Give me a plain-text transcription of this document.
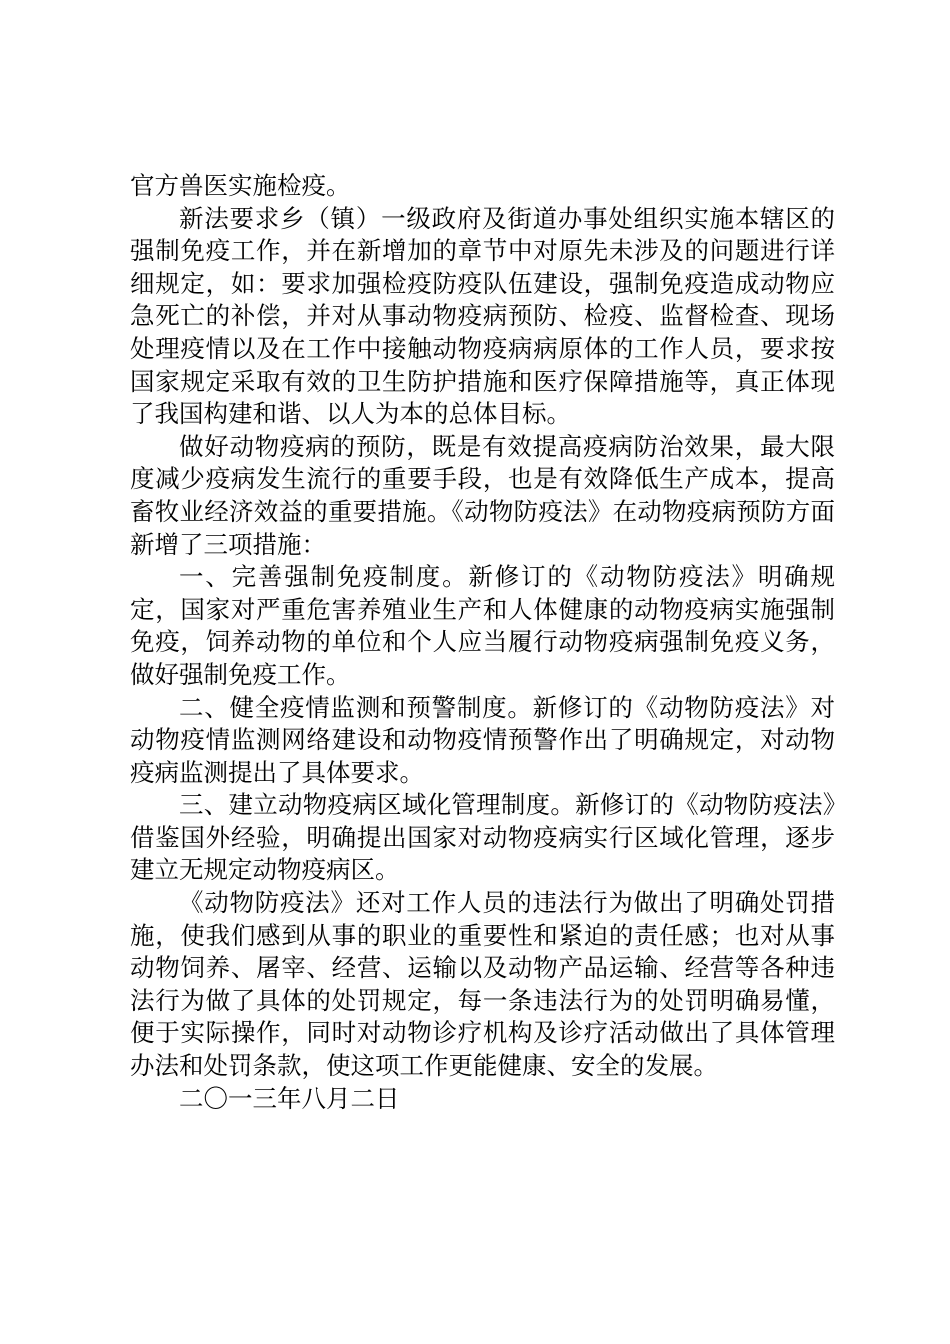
官方兽医实施检疫。

新法要求乡（镇）一级政府及街道办事处组织实施本辖区的强制免疫工作，并在新增加的章节中对原先未涉及的问题进行详细规定，如：要求加强检疫防疫队伍建设，强制免疫造成动物应急死亡的补偿，并对从事动物疫病预防、检疫、监督检查、现场处理疫情以及在工作中接触动物疫病病原体的工作人员，要求按国家规定采取有效的卫生防护措施和医疗保障措施等，真正体现了我国构建和谐、以人为本的总体目标。

做好动物疫病的预防，既是有效提高疫病防治效果，最大限度减少疫病发生流行的重要手段，也是有效降低生产成本，提高畜牧业经济效益的重要措施。《动物防疫法》在动物疫病预防方面新增了三项措施：

一、完善强制免疫制度。新修订的《动物防疫法》明确规定，国家对严重危害养殖业生产和人体健康的动物疫病实施强制免疫，饲养动物的单位和个人应当履行动物疫病强制免疫义务，做好强制免疫工作。

二、健全疫情监测和预警制度。新修订的《动物防疫法》对动物疫情监测网络建设和动物疫情预警作出了明确规定，对动物疫病监测提出了具体要求。

三、建立动物疫病区域化管理制度。新修订的《动物防疫法》借鉴国外经验，明确提出国家对动物疫病实行区域化管理，逐步建立无规定动物疫病区。

《动物防疫法》还对工作人员的违法行为做出了明确处罚措施，使我们感到从事的职业的重要性和紧迫的责任感；也对从事动物饲养、屠宰、经营、运输以及动物产品运输、经营等各种违法行为做了具体的处罚规定，每一条违法行为的处罚明确易懂，便于实际操作，同时对动物诊疗机构及诊疗活动做出了具体管理办法和处罚条款，使这项工作更能健康、安全的发展。

二〇一三年八月二日
